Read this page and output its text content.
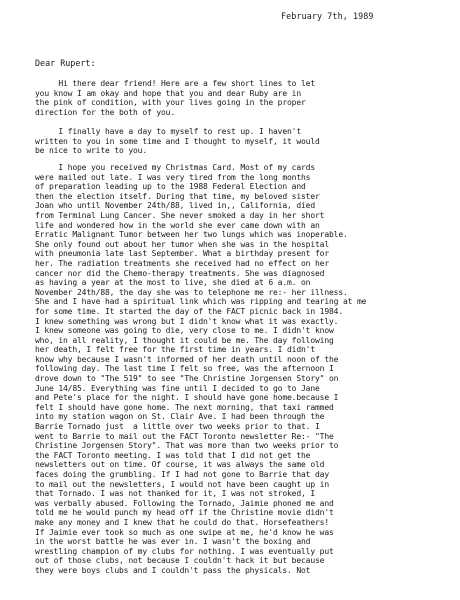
February 7th, 1989
Dear Rupert:
Hi there dear friend! Here are a few short lines to let
you know I am okay and hope that you and dear Ruby are in
the pink of condition, with your lives going in the proper
direction for the both of you.
I finally have a day to myself to rest up. I haven't
written to you in some time and I thought to myself, it would
be nice to write to you.
I hope you received my Christmas Card. Most of my cards
were mailed out late. I was very tired from the long months
of preparation leading up to the 1988 Federal Election and
then the election itself. During that time, my beloved sister
Joan who until November 24th/88, lived in,, California, died
from Terminal Lung Cancer. She never smoked a day in her short
life and wondered how in the world she ever came down with an
Erratic Malignant Tumor between her two lungs which was inoperable.
She only found out about her tumor when she was in the hospital
with pneumonia late last September. What a birthday present for
her. The radiation treatments she received had no effect on her
cancer nor did the Chemo-therapy treatments. She was diagnosed
as having a year at the most to live, she died at 6 a.m. on
November 24th/88, the day she was to telephone me re:- her illness.
She and I have had a spiritual link which was ripping and tearing at me
for some time. It started the day of the FACT picnic back in 1984.
I knew something was wrong but I didn't know what it was exactly.
I knew someone was going to die, very close to me. I didn't know
who, in all reality, I thought it could be me. The day following
her death, I felt free for the first time in years. I didn't
know why because I wasn't informed of her death until noon of the
following day. The last time I felt so free, was the afternoon I
drove down to "The 519" to see "The Christine Jorgensen Story" on
June 14/85. Everything was fine until I decided to go to Jane
and Pete's place for the night. I should have gone home.because I
felt I should have gone home. The next morning, that taxi rammed
into my station wagon on St. Clair Ave. I had been through the
Barrie Tornado just  a little over two weeks prior to that. I
went to Barrie to mail out the FACT Toronto newsletter Re:- "The
Christine Jorgensen Story". That was more than two weeks prior to
the FACT Toronto meeting. I was told that I did not get the
newsletters out on time. Of course, it was always the same old
faces doing the grumbling. If I had not gone to Barrie that day
to mail out the newsletters, I would not have been caught up in
that Tornado. I was not thanked for it, I was not stroked, I
was verbally abused. Following the Tornado, Jaimie phoned me and
told me he would punch my head off if the Christine movie didn't
make any money and I knew that he could do that. Horsefeathers!
If Jaimie ever took so much as one swipe at me, he'd know he was
in the worst battle he was ever in. I wasn't the boxing and
wrestling champion of my clubs for nothing. I was eventually put
out of those clubs, not because I couldn't hack it but because
they were boys clubs and I couldn't pass the physicals. Not
